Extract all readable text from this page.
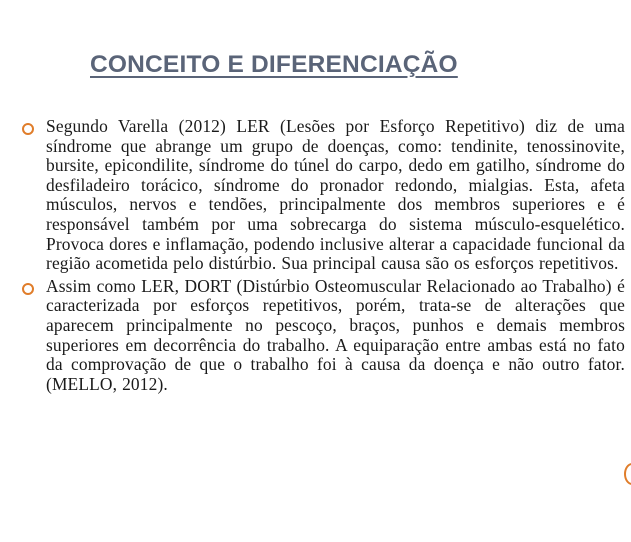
CONCEITO E DIFERENCIAÇÃO

Segundo Varella (2012) LER (Lesões por Esforço Repetitivo) diz de uma síndrome que abrange um grupo de doenças, como: tendinite, tenossinovite, bursite, epicondilite, síndrome do túnel do carpo, dedo em gatilho, síndrome do desfiladeiro torácico, síndrome do pronador redondo, mialgias. Esta, afeta músculos, nervos e tendões, principalmente dos membros superiores e é responsável também por uma sobrecarga do sistema músculo-esquelético. Provoca dores e inflamação, podendo inclusive alterar a capacidade funcional da região acometida pelo distúrbio. Sua principal causa são os esforços repetitivos.

Assim como LER, DORT (Distúrbio Osteomuscular Relacionado ao Trabalho) é caracterizada por esforços repetitivos, porém, trata-se de alterações que aparecem principalmente no pescoço, braços, punhos e demais membros superiores em decorrência do trabalho. A equiparação entre ambas está no fato da comprovação de que o trabalho foi à causa da doença e não outro fator. (MELLO, 2012).
